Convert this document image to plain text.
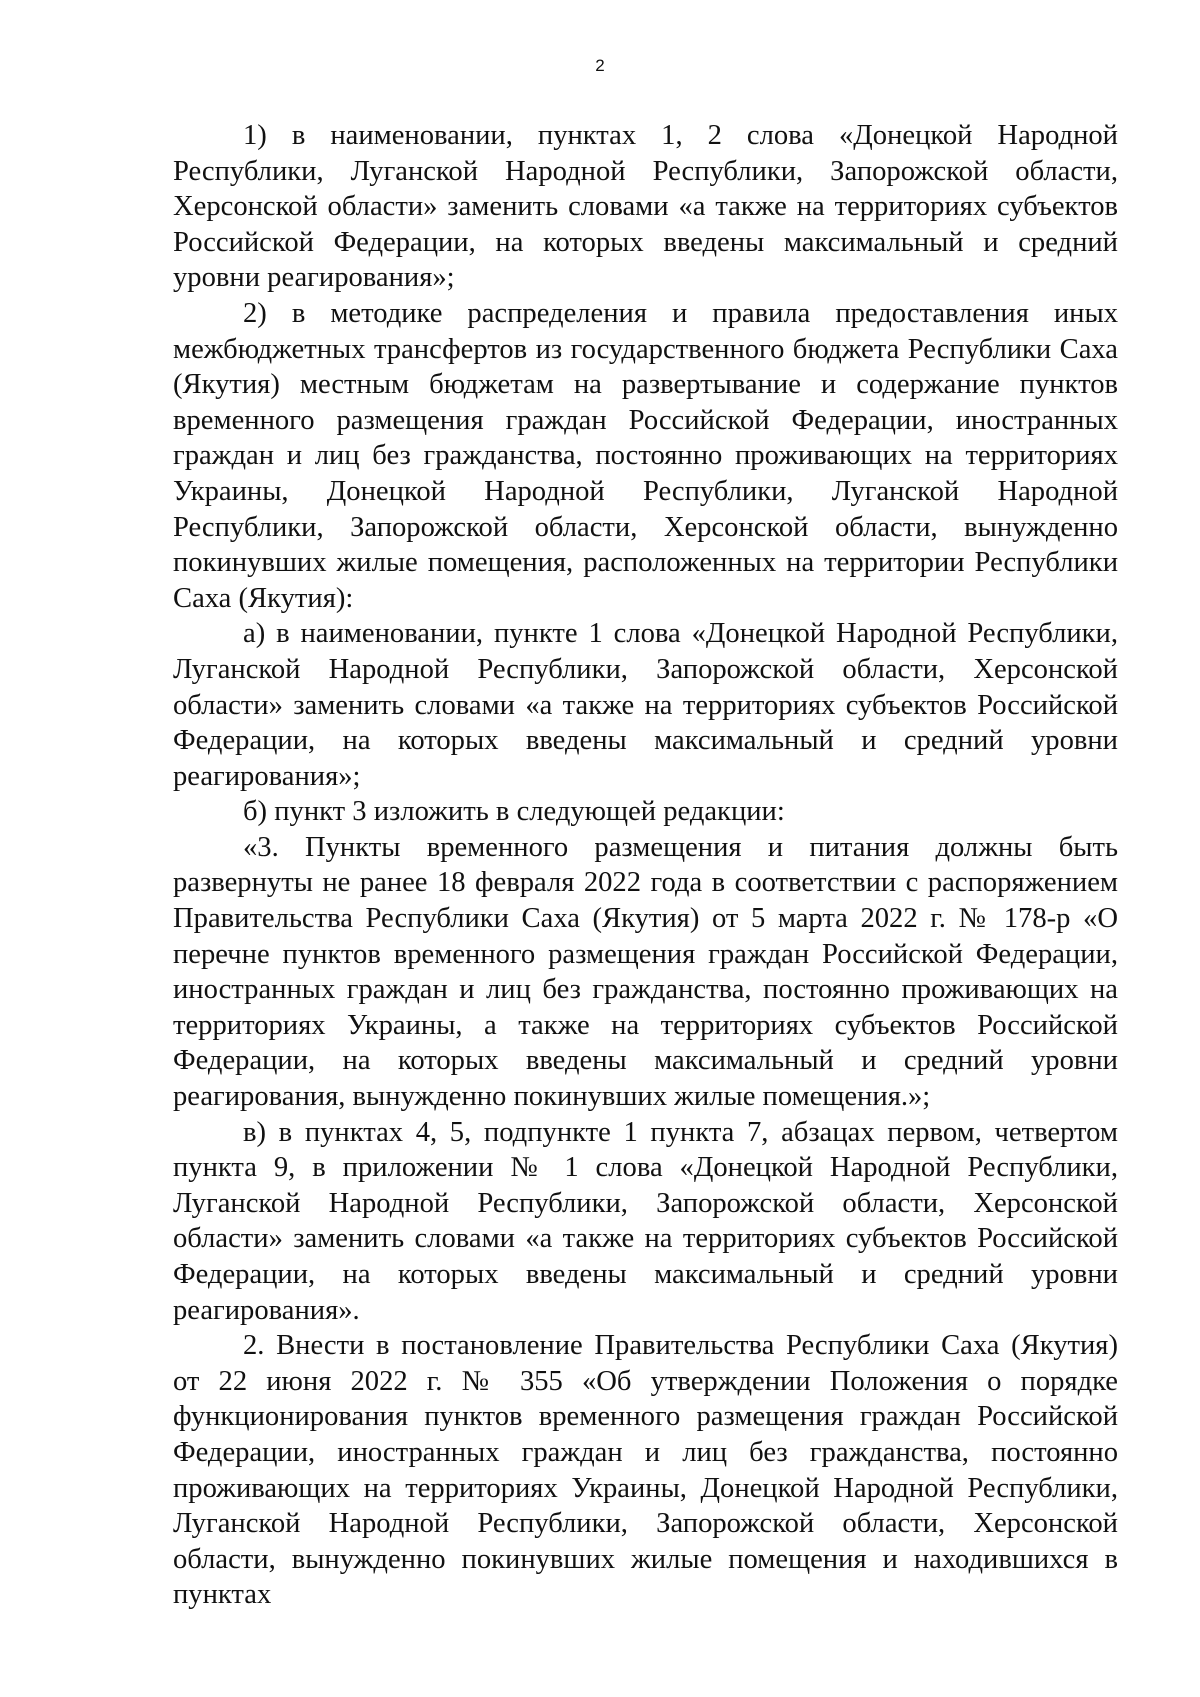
2

1) в наименовании, пунктах 1, 2 слова «Донецкой Народной Республики, Луганской Народной Республики, Запорожской области, Херсонской области» заменить словами «а также на территориях субъектов Российской Федерации, на которых введены максимальный и средний уровни реагирования»;

2) в методике распределения и правила предоставления иных межбюджетных трансфертов из государственного бюджета Республики Саха (Якутия) местным бюджетам на развертывание и содержание пунктов временного размещения граждан Российской Федерации, иностранных граждан и лиц без гражданства, постоянно проживающих на территориях Украины, Донецкой Народной Республики, Луганской Народной Республики, Запорожской области, Херсонской области, вынужденно покинувших жилые помещения, расположенных на территории Республики Саха (Якутия):

а) в наименовании, пункте 1 слова «Донецкой Народной Республики, Луганской Народной Республики, Запорожской области, Херсонской области» заменить словами «а также на территориях субъектов Российской Федерации, на которых введены максимальный и средний уровни реагирования»;

б) пункт 3 изложить в следующей редакции:

«3. Пункты временного размещения и питания должны быть развернуты не ранее 18 февраля 2022 года в соответствии с распоряжением Правительства Республики Саха (Якутия) от 5 марта 2022 г. № 178-р «О перечне пунктов временного размещения граждан Российской Федерации, иностранных граждан и лиц без гражданства, постоянно проживающих на территориях Украины, а также на территориях субъектов Российской Федерации, на которых введены максимальный и средний уровни реагирования, вынужденно покинувших жилые помещения.»;

в) в пунктах 4, 5, подпункте 1 пункта 7, абзацах первом, четвертом пункта 9, в приложении № 1 слова «Донецкой Народной Республики, Луганской Народной Республики, Запорожской области, Херсонской области» заменить словами «а также на территориях субъектов Российской Федерации, на которых введены максимальный и средний уровни реагирования».

2. Внести в постановление Правительства Республики Саха (Якутия) от 22 июня 2022 г. № 355 «Об утверждении Положения о порядке функционирования пунктов временного размещения граждан Российской Федерации, иностранных граждан и лиц без гражданства, постоянно проживающих на территориях Украины, Донецкой Народной Республики, Луганской Народной Республики, Запорожской области, Херсонской области, вынужденно покинувших жилые помещения и находившихся в пунктах
